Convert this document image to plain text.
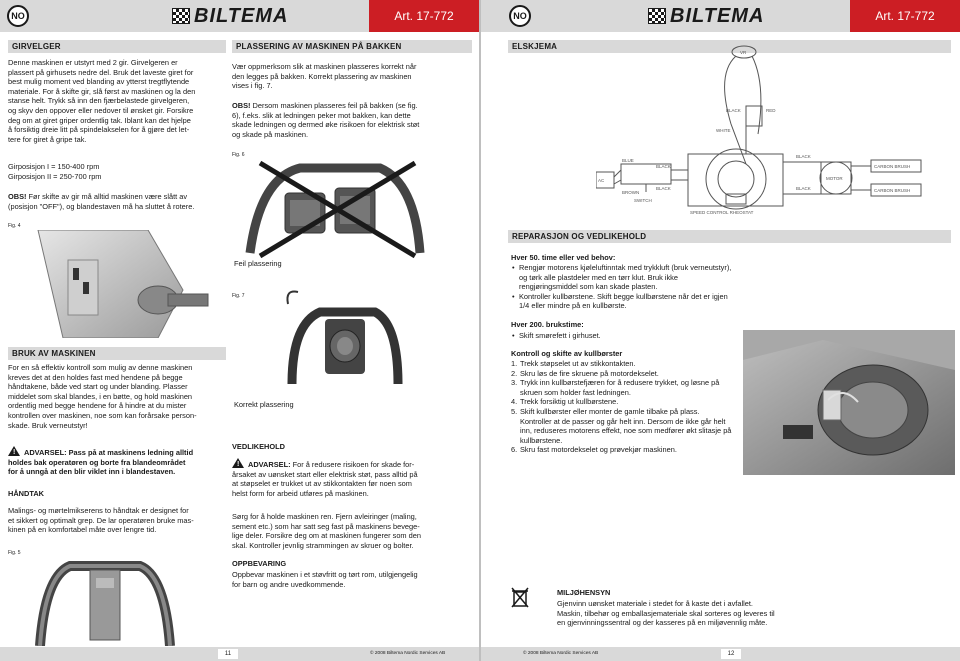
NO	BILTEMA	Art. 17-772
GIRVELGER

Denne maskinen er utstyrt med 2 gir. Girvelgeren er

plassert på girhusets nedre del. Bruk det laveste giret for

best mulig moment ved blanding av ytterst tregtflytende

materiale. For å skifte gir, slå først av maskinen og la den

stanse helt. Trykk så inn den fjærbelastede girvelgeren,

og skyv den oppover eller nedover til ønsket gir. Forsikre

deg om at giret griper ordentlig tak. Iblant kan det hjelpe

å forsiktig dreie litt på spindelakselen for å gjøre det let-

tere for giret å gripe tak.

Girposisjon I = 150-400 rpm

Girposisjon II = 250-700 rpm

OBS! Før skifte av gir må alltid maskinen være slått av

(posisjon "OFF"), og blandestaven må ha sluttet å rotere.

Fig. 4
BRUK AV MASKINEN

For en så effektiv kontroll som mulig av denne maskinen

kreves det at den holdes fast med hendene på begge

håndtakene, både ved start og under blanding. Plasser

middelet som skal blandes, i en bøtte, og hold maskinen

ordentlig med begge hendene for å hindre at du mister

kontrollen over maskinen, noe som kan forårsake person-

skade. Bruk verneutstyr!

!ADVARSEL: Pass på at maskinens ledning alltid

holdes bak operatøren og borte fra blandeområdet

for å unngå at den blir viklet inn i blandestaven.

HÅNDTAK

Malings- og mørtelmikserens to håndtak er designet for

et sikkert og optimalt grep. De lar operatøren bruke mas-

kinen på en komfortabel måte over lengre tid.

Fig. 5
PLASSERING AV MASKINEN PÅ BAKKEN

Vær oppmerksom slik at maskinen plasseres korrekt når

den legges på bakken. Korrekt plassering av maskinen

vises i fig. 7.

OBS! Dersom maskinen plasseres feil på bakken (se fig.

6), f.eks. slik at ledningen peker mot bakken, kan dette

skade ledningen og dermed øke risikoen for elektrisk støt

og skade på maskinen.

Fig. 6
Feil plassering
Fig. 7
Korrekt plassering
VEDLIKEHOLD

!ADVARSEL: For å redusere risikoen for skade for-

årsaket av uønsket start eller elektrisk støt, pass alltid på

at støpselet er trukket ut av stikkontakten før noen som

helst form for arbeid utføres på maskinen.

Sørg for å holde maskinen ren. Fjern avleiringer (maling,

sement etc.) som har satt seg fast på maskinens bevege-

lige deler. Forsikre deg om at maskinen fungerer som den

skal. Kontroller jevnlig strammingen av skruer og bolter.

OPPBEVARING

Oppbevar maskinen i et støvfritt og tørt rom, utilgjengelig

for barn og andre uvedkommende.

11	© 2008 Biltema Nordic Services AB
NO	BILTEMA	Art. 17-772
ELSKJEMA
VR
BLACK	RED
WHITE
BLUE
BLACK
BLACK
AC
BLACK
BROWN
BLACK
SWITCH
SPEED CONTROL RHEOSTAT
CARBON BRUSH
MOTOR
CARBON BRUSH
REPARASJON OG VEDLIKEHOLD
Hver 50. time eller ved behov:
• Rengjør motorens kjøleluftinntak med trykkluft (bruk verneutstyr), og tørk alle plastdeler med en tørr klut. Bruk ikke rengjøringsmiddel som kan skade plasten.
• Kontroller kullbørstene. Skift begge kullbørstene når det er igjen 1/4 eller mindre på en kullbørste.
Hver 200. brukstime:
• Skift smørefett i girhuset.
Kontroll og skifte av kullbørster
1. Trekk støpselet ut av stikkontakten.
2. Skru løs de fire skruene på motordekselet.
3. Trykk inn kullbørstefjæren for å redusere trykket, og løsne på skruen som holder fast ledningen.
4. Trekk forsiktig ut kullbørstene.
5. Skift kullbørster eller monter de gamle tilbake på plass. Kontroller at de passer og går helt inn. Dersom de ikke går helt inn, reduseres motorens effekt, noe som medfører økt slitasje på kullbørstene.
6. Skru fast motordekselet og prøvekjør maskinen.
MILJØHENSYN

Gjenvinn uønsket materiale i stedet for å kaste det i avfallet.

Maskin, tilbehør og emballasjemateriale skal sorteres og leveres til

en gjenvinningssentral og der kasseres på en miljøvennlig måte.

© 2008 Biltema Nordic Services AB	12
